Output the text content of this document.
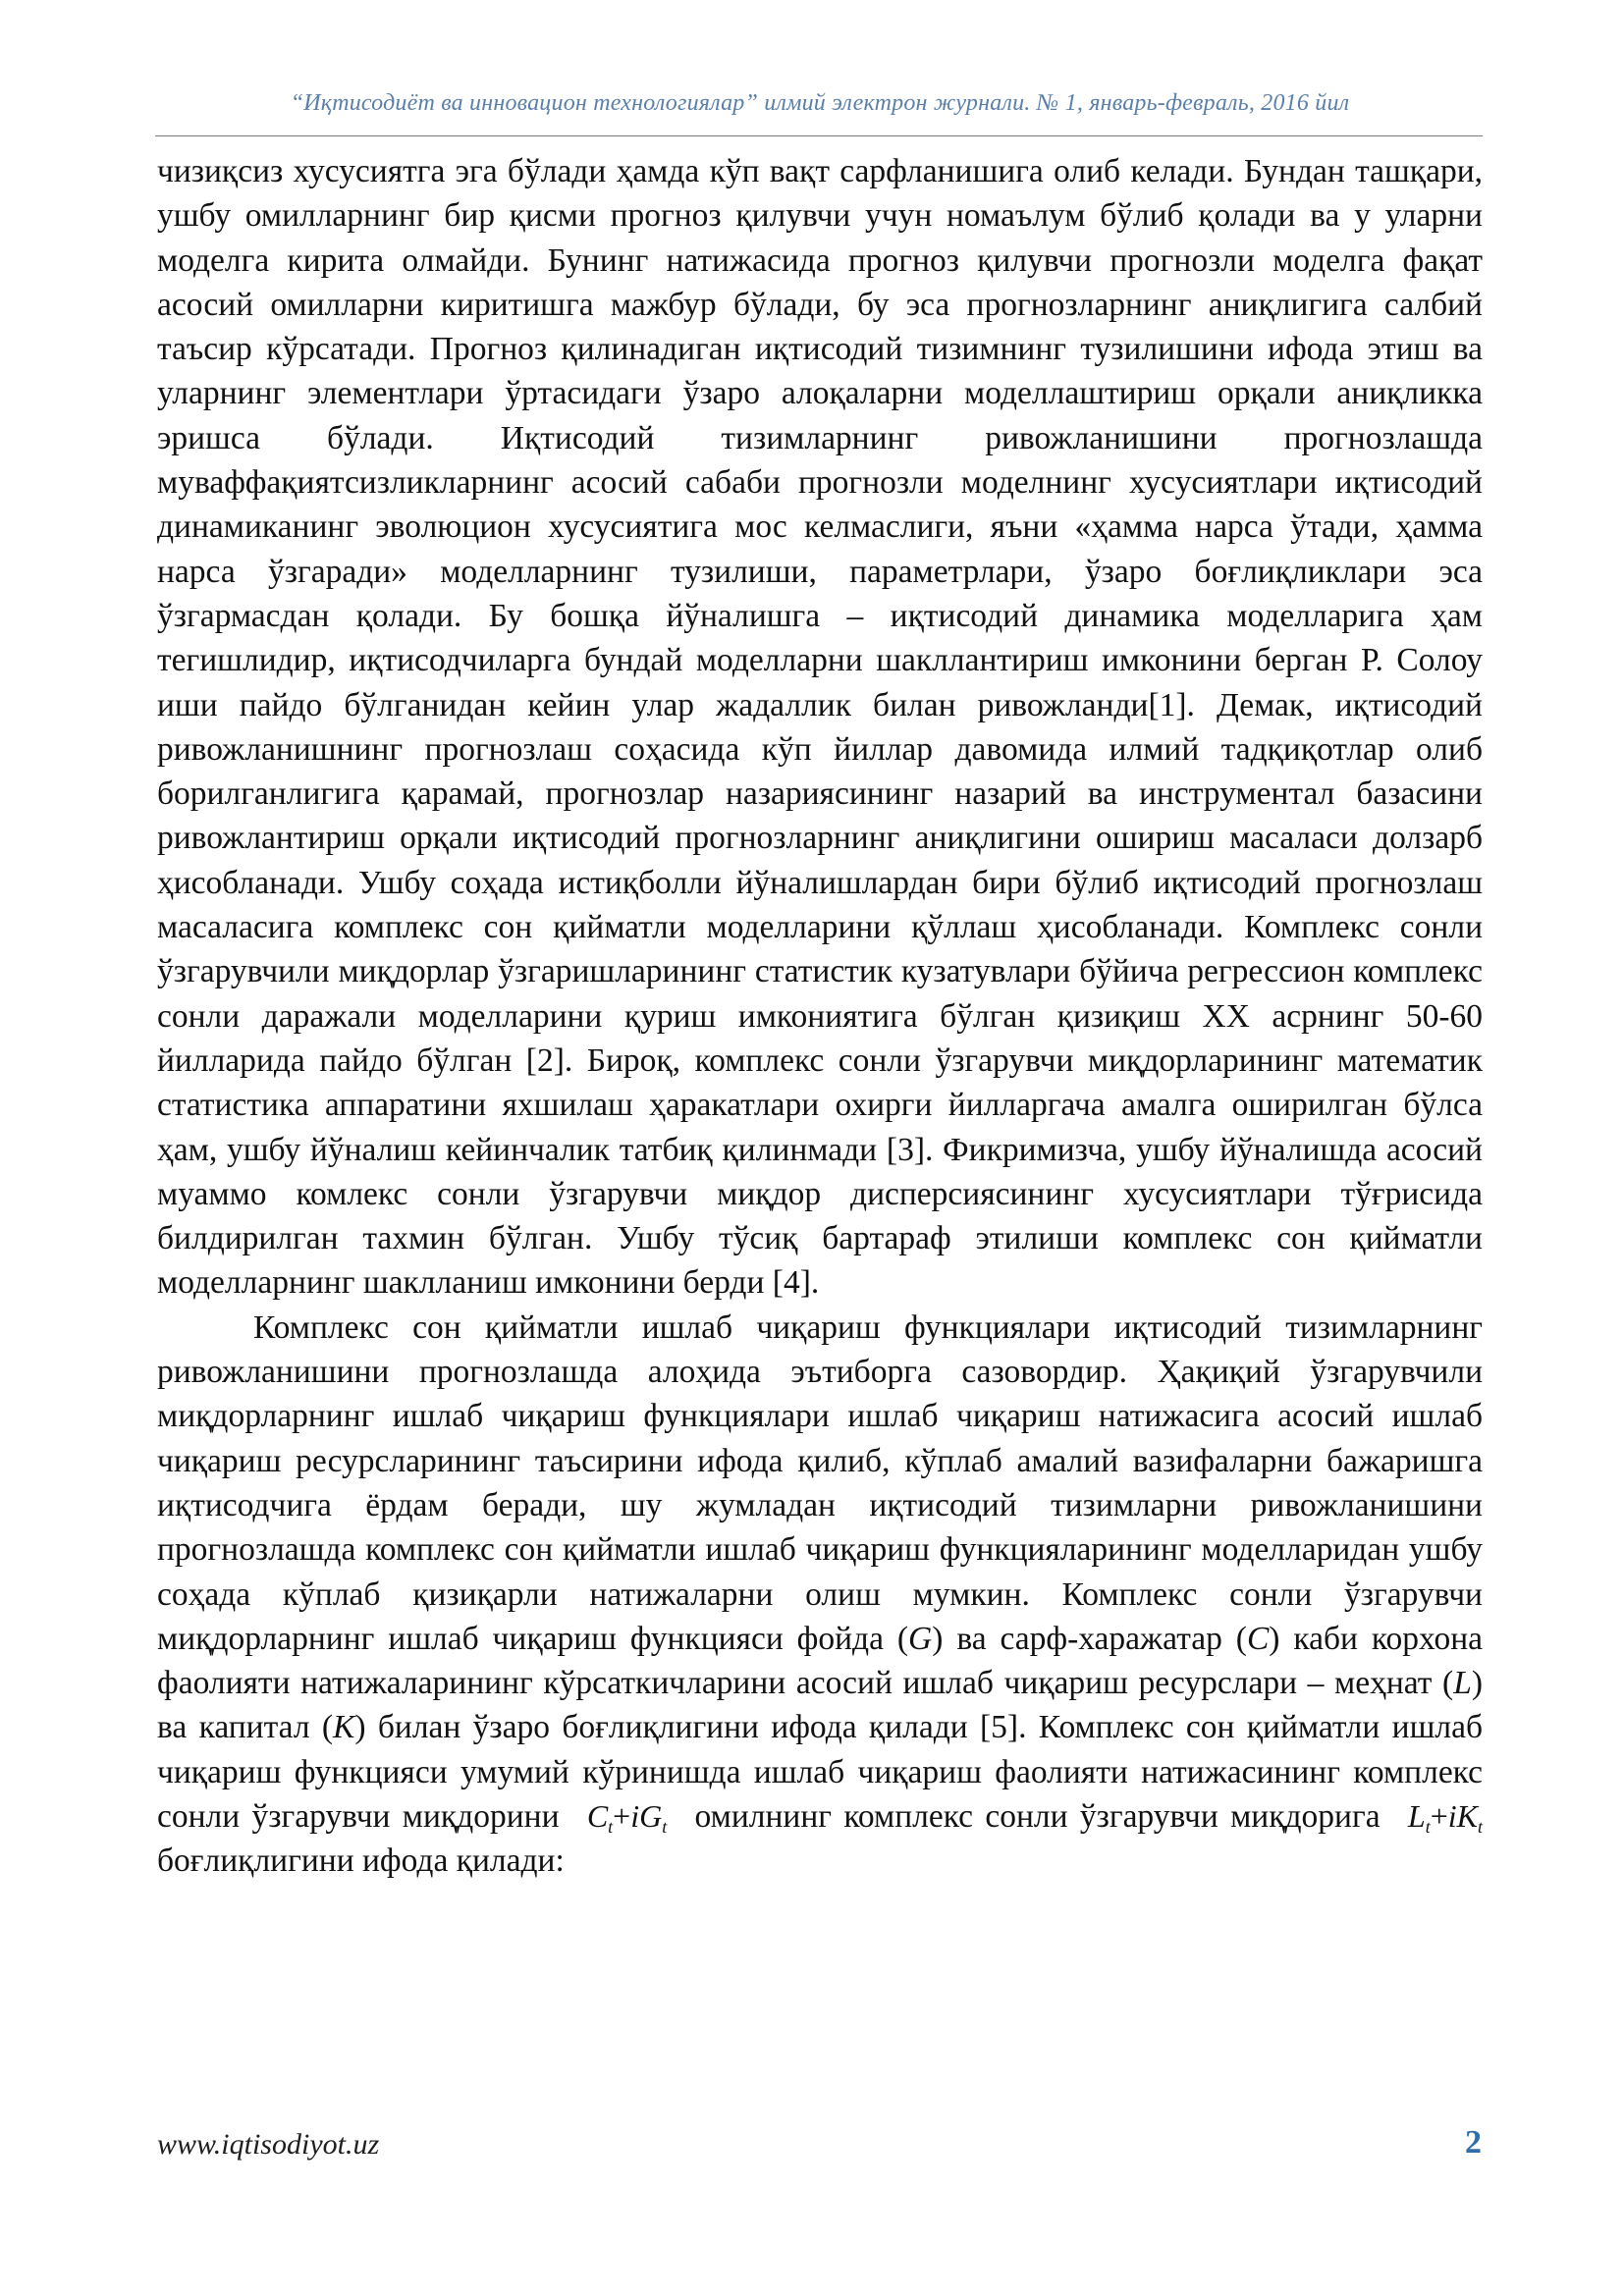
“Иқтисодиёт ва инновацион технологиялар” илмий электрон журнали. № 1, январь-февраль, 2016 йил

чизиқсиз хусусиятга эга бўлади ҳамда кўп вақт сарфланишига олиб келади. Бундан ташқари, ушбу омилларнинг бир қисми прогноз қилувчи учун номаълум бўлиб қолади ва у уларни моделга кирита олмайди. Бунинг натижасида прогноз қилувчи прогнозли моделга фақат асосий омилларни киритишга мажбур бўлади, бу эса прогнозларнинг аниқлигига салбий таъсир кўрсатади. Прогноз қилинадиган иқтисодий тизимнинг тузилишини ифода этиш ва уларнинг элементлари ўртасидаги ўзаро алоқаларни моделлаштириш орқали аниқликка эришса бўлади. Иқтисодий тизимларнинг ривожланишини прогнозлашда муваффақиятсизликларнинг асосий сабаби прогнозли моделнинг хусусиятлари иқтисодий динамиканинг эволюцион хусусиятига мос келмаслиги, яъни «ҳамма нарса ўтади, ҳамма нарса ўзгаради» моделларнинг тузилиши, параметрлари, ўзаро боғлиқликлари эса ўзгармасдан қолади. Бу бошқа йўналишга – иқтисодий динамика моделларига ҳам тегишлидир, иқтисодчиларга бундай моделларни шакллантириш имконини берган Р. Солоу иши пайдо бўлганидан кейин улар жадаллик билан ривожланди[1]. Демак, иқтисодий ривожланишнинг прогнозлаш соҳасида кўп йиллар давомида илмий тадқиқотлар олиб борилганлигига қарамай, прогнозлар назариясининг назарий ва инструментал базасини ривожлантириш орқали иқтисодий прогнозларнинг аниқлигини ошириш масаласи долзарб ҳисобланади. Ушбу соҳада истиқболли йўналишлардан бири бўлиб иқтисодий прогнозлаш масаласига комплекс сон қийматли моделларини қўллаш ҳисобланади. Комплекс сонли ўзгарувчили миқдорлар ўзгаришларининг статистик кузатувлари бўйича регрессион комплекс сонли даражали моделларини қуриш имкониятига бўлган қизиқиш XX асрнинг 50-60 йилларида пайдо бўлган [2]. Бироқ, комплекс сонли ўзгарувчи миқдорларининг математик статистика аппаратини яхшилаш ҳаракатлари охирги йилларгача амалга оширилган бўлса ҳам, ушбу йўналиш кейинчалик татбиқ қилинмади [3]. Фикримизча, ушбу йўналишда асосий муаммо комлекс сонли ўзгарувчи миқдор дисперсиясининг хусусиятлари тўғрисида билдирилган тахмин бўлган. Ушбу тўсиқ бартараф этилиши комплекс сон қийматли моделларнинг шаклланиш имконини берди [4].

Комплекс сон қийматли ишлаб чиқариш функциялари иқтисодий тизимларнинг ривожланишини прогнозлашда алоҳида эътиборга сазовордир. Ҳақиқий ўзгарувчили миқдорларнинг ишлаб чиқариш функциялари ишлаб чиқариш натижасига асосий ишлаб чиқариш ресурсларининг таъсирини ифода қилиб, кўплаб амалий вазифаларни бажаришга иқтисодчига ёрдам беради, шу жумладан иқтисодий тизимларни ривожланишини прогнозлашда комплекс сон қийматли ишлаб чиқариш функцияларининг моделларидан ушбу соҳада кўплаб қизиқарли натижаларни олиш мумкин. Комплекс сонли ўзгарувчи миқдорларнинг ишлаб чиқариш функцияси фойда (G) ва сарф-харажатар (C) каби корхона фаолияти натижаларининг кўрсаткичларини асосий ишлаб чиқариш ресурслари – меҳнат (L) ва капитал (K) билан ўзаро боғлиқлигини ифода қилади [5]. Комплекс сон қийматли ишлаб чиқариш функцияси умумий кўринишда ишлаб чиқариш фаолияти натижасининг комплекс сонли ўзгарувчи миқдорини $C_t+iG_t$ омилнинг комплекс сонли ўзгарувчи миқдорига $L_t+iK_t$ боғлиқлигини ифода қилади:

www.iqtisodiyot.uz	2
